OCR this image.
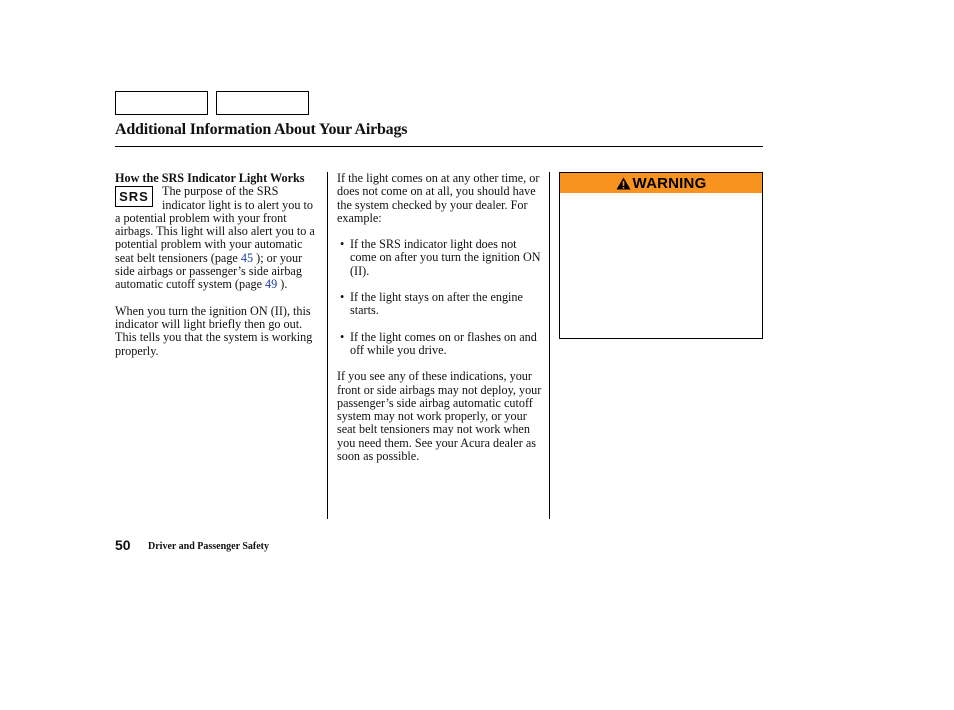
Additional Information About Your Airbags

How the SRS Indicator Light Works

SRS	The purpose of the SRS indicator light is to alert you to a potential problem with your front airbags. This light will also alert you to a potential problem with your automatic seat belt tensioners (page 45 ); or your side airbags or passenger’s side airbag automatic cutoff system (page 49 ).

When you turn the ignition ON (II), this indicator will light briefly then go out. This tells you that the system is working properly.

If the light comes on at any other time, or does not come on at all, you should have the system checked by your dealer. For example:

• If the SRS indicator light does not come on after you turn the ignition ON (II).

• If the light stays on after the engine starts.

• If the light comes on or flashes on and off while you drive.

If you see any of these indications, your front or side airbags may not deploy, your passenger’s side airbag automatic cutoff system may not work properly, or your seat belt tensioners may not work when you need them. See your Acura dealer as soon as possible.

WARNING
50 Driver and Passenger Safety
